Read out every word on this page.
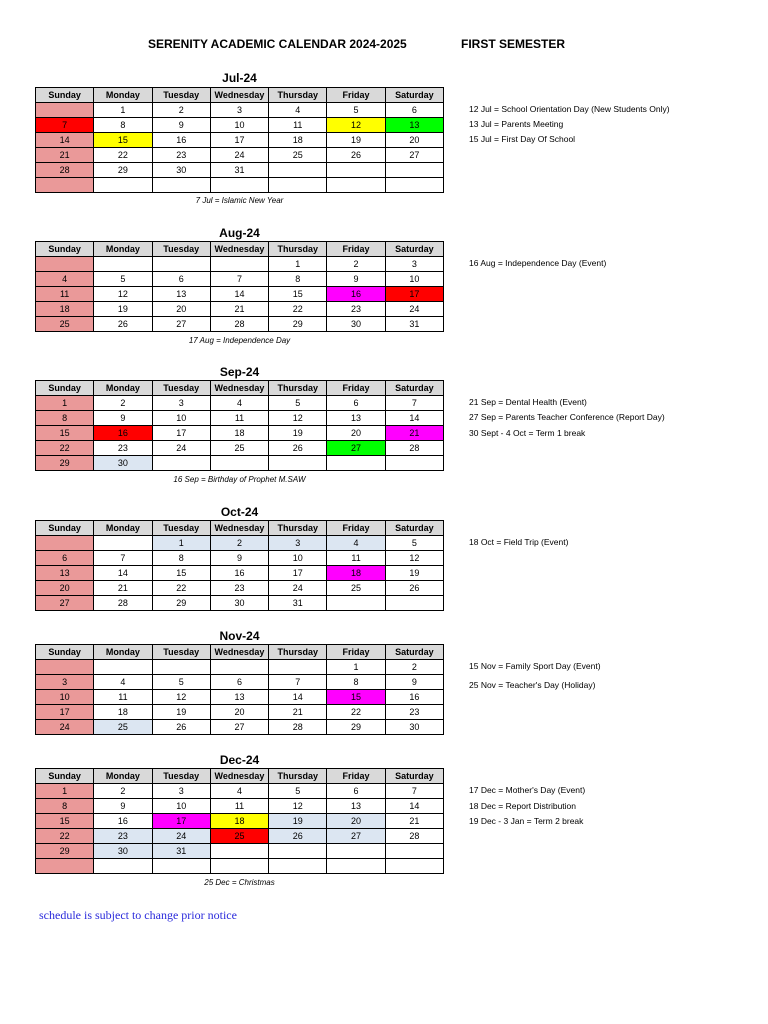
SERENITY ACADEMIC CALENDAR 2024-2025	FIRST SEMESTER
Jul-24
Sunday	Monday	Tuesday	Wednesday	Thursday	Friday	Saturday
	1	2	3	4	5	6
7	8	9	10	11	12	13
14	15	16	17	18	19	20
21	22	23	24	25	26	27
28	29	30	31			

7 Jul = Islamic New Year
12 Jul = School Orientation Day (New Students Only)
13 Jul = Parents Meeting
15 Jul = First Day Of School
Aug-24
Sunday	Monday	Tuesday	Wednesday	Thursday	Friday	Saturday
				1	2	3
4	5	6	7	8	9	10
11	12	13	14	15	16	17
18	19	20	21	22	23	24
25	26	27	28	29	30	31
17 Aug = Independence Day
16 Aug = Independence Day (Event)
Sep-24
Sunday	Monday	Tuesday	Wednesday	Thursday	Friday	Saturday
1	2	3	4	5	6	7
8	9	10	11	12	13	14
15	16	17	18	19	20	21
22	23	24	25	26	27	28
29	30					
16 Sep = Birthday of Prophet M.SAW
21 Sep = Dental Health (Event)
27 Sep = Parents Teacher Conference (Report Day)
30 Sept - 4 Oct = Term 1 break
Oct-24
Sunday	Monday	Tuesday	Wednesday	Thursday	Friday	Saturday
		1	2	3	4	5
6	7	8	9	10	11	12
13	14	15	16	17	18	19
20	21	22	23	24	25	26
27	28	29	30	31		
18 Oct = Field Trip (Event)
Nov-24
Sunday	Monday	Tuesday	Wednesday	Thursday	Friday	Saturday
					1	2
3	4	5	6	7	8	9
10	11	12	13	14	15	16
17	18	19	20	21	22	23
24	25	26	27	28	29	30
15 Nov = Family Sport Day (Event)
25 Nov = Teacher's Day (Holiday)
Dec-24
Sunday	Monday	Tuesday	Wednesday	Thursday	Friday	Saturday
1	2	3	4	5	6	7
8	9	10	11	12	13	14
15	16	17	18	19	20	21
22	23	24	25	26	27	28
29	30	31				

25 Dec = Christmas
17 Dec = Mother's Day (Event)
18 Dec = Report Distribution
19 Dec - 3 Jan = Term 2 break
schedule is subject to change prior notice
